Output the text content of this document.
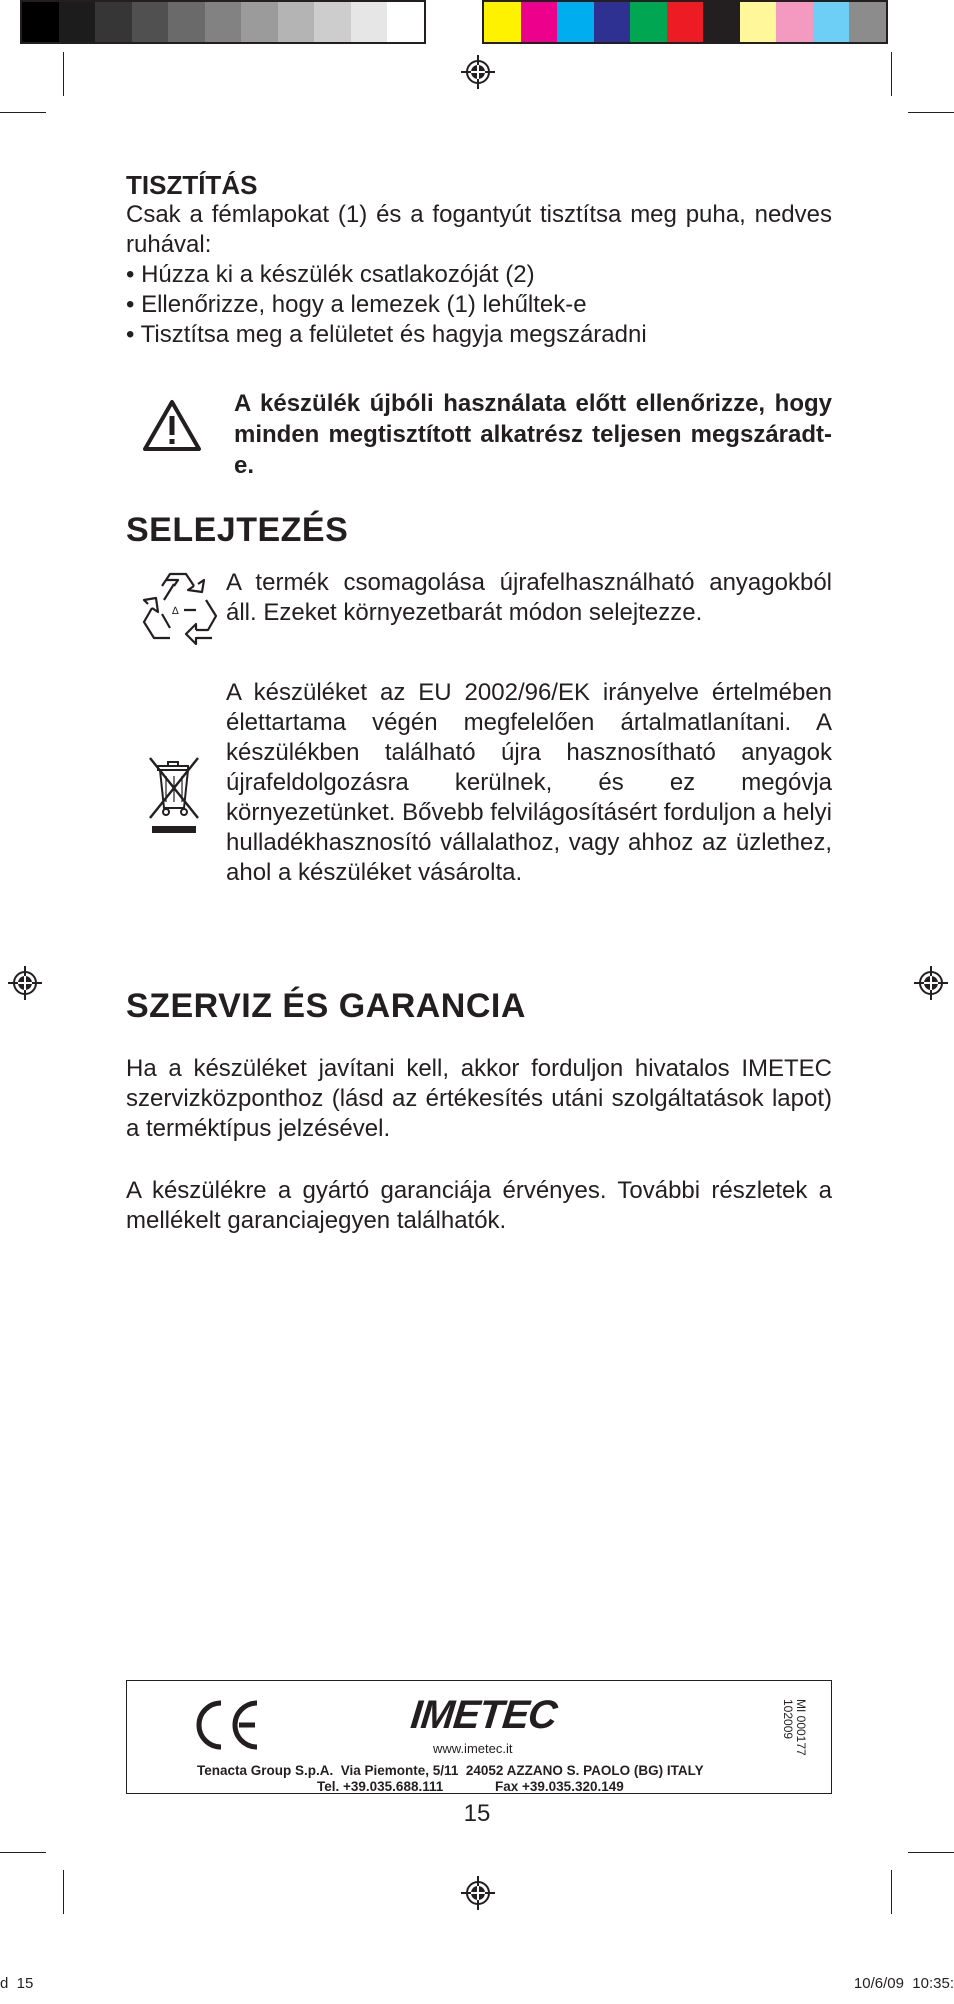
TISZTÍTÁS

Csak a fémlapokat (1) és a fogantyút tisztítsa meg puha, nedves ruhával:

• Húzza ki a készülék csatlakozóját (2)

• Ellenőrizze, hogy a lemezek (1) lehűltek-e

• Tisztítsa meg a felületet és hagyja megszáradni

A készülék újbóli használata előtt ellenőrizze, hogy minden megtisztított alkatrész teljesen megszáradt-e.
SELEJTEZÉS
∆
A termék csomagolása újrafelhasználható anyagokból áll. Ezeket környezetbarát módon selejtezze.
A készüléket az EU 2002/96/EK irányelve értelmében élettartama végén megfelelően ártalmatlanítani. A készülékben található újra hasznosítható anyagok újrafeldolgozásra kerülnek, és ez megóvja környezetünket. Bővebb felvilágosításért forduljon a helyi hulladékhasznosító vállalathoz, vagy ahhoz az üzlethez, ahol a készüléket vásárolta.
SZERVIZ ÉS GARANCIA
Ha a készüléket javítani kell, akkor forduljon hivatalos IMETEC szervizközponthoz (lásd az értékesítés utáni szolgáltatások lapot) a terméktípus jelzésével.
A készülékre a gyártó garanciája érvényes. További részletek a mellékelt garanciajegyen találhatók.
IMETEC
www.imetec.it
Tenacta Group S.p.A.  Via Piemonte, 5/11  24052 AZZANO S. PAOLO (BG) ITALY
Tel. +39.035.688.111	Fax +39.035.320.149
MI 000177
102009
15
d  15	10/6/09  10:35:
